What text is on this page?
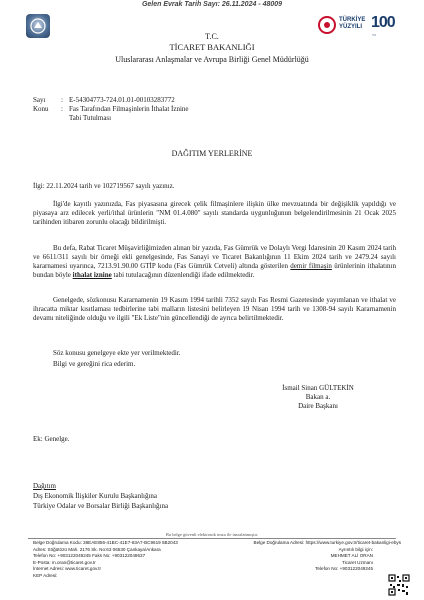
Gelen Evrak Tarih Sayı: 26.11.2024 - 48009
TÜRKİYE
YÜZYILI 100
Yıl
T.C.
TİCARET BAKANLIĞI
Uluslararası Anlaşmalar ve Avrupa Birliği Genel Müdürlüğü
Sayı	: E-54304773-724.01.01-00103283772
Konu	: Fas Tarafından Filmaşinlerin İthalat İzninе
Tabi Tutulması
DAĞITIM YERLERİNE
İlgi: 22.11.2024 tarih ve 102719567 sayılı yazınız.
İlgi'de kayıtlı yazınızda, Fas piyasasına girecek çelik filmaşinlere ilişkin ülke mevzuatında bir değişiklik yapıldığı ve piyasaya arz edilecek yerli/ithal ürünlerin "NM 01.4.080" sayılı standarda uygunluğunun belgelendirilmesinin 21 Ocak 2025 tarihinden itibaren zorunlu olacağı bildirilmişti.
Bu defa, Rabat Ticaret Müşavirliğimizden alınan bir yazıda, Fas Gümrük ve Dolaylı Vergi İdaresinin 20 Kasım 2024 tarih ve 6611/311 sayılı bir örneği ekli genelgesinde, Fas Sanayi ve Ticaret Bakanlığının 11 Ekim 2024 tarih ve 2479.24 sayılı kararnamesi uyarınca, 7213.91.90.00 GTİP kodu (Fas Gümrük Cetveli) altında gösterilen demir filmaşin ürünlerinin ithalatının bundan böyle ithalat iznine tabi tutulacağının düzenlendiği ifade edilmektedir.
Genelgede, sözkonusu Kararnamenin 19 Kasım 1994 tarihli 7352 sayılı Fas Resmi Gazetesinde yayımlanan ve ithalat ve ihracatta miktar kısıtlaması tedbirlerine tabi malların listesini belirleyen 19 Nisan 1994 tarih ve 1308-94 sayılı Kararnamenin devamı niteliğinde olduğu ve ilgili "Ek Liste"nin güncellendiği de ayrıca belirtilmektedir.
Söz konusu genelgeye ekte yer verilmektedir.
Bilgi ve gereğini rica ederim.
İsmail Sinan GÜLTEKİN
Bakan a.
Daire Başkanı
Ek: Genelge.
Dağıtım
Dış Ekonomik İlişkiler Kurulu Başkanlığına
Türkiye Odalar ve Borsalar Birliği Başkanlığına
Bu belge güvenli elektronik imza ile imzalanmıştır.
Belge Doğrulama Kodu: 38EAE856-41BC-41E7-83A7-BC9619 5B2043	Belge Doğrulama Adresi: https://www.turkiye.gov.tr/ticaret-bakanligi-ebys
Adres: Söğütözü Mah. 2176 Sk. No:63 06530 Çankaya/Ankara	Ayrıntılı bilgi için:
Telefon No: +903122049245 Faks No: +903122048637	MEHMET ALİ ORAN
E-Posta: m.oran@ticaret.gov.tr	Ticaret Uzmanı
İnternet Adresi: www.ticaret.gov.tr	Telefon No: +903122049245
KEP Adresi:
